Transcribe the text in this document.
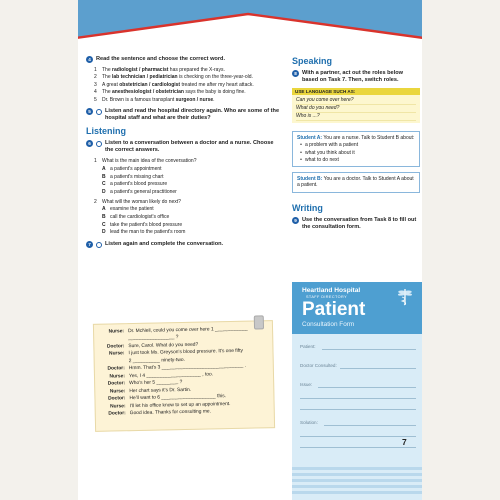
4 Read the sentence and choose the correct word.
1	The radiologist / pharmacist has prepared the X-rays.
2	The lab technician / pediatrician is checking on the three-year-old.
3	A great obstetrician / cardiologist treated me after my heart attack.
4	The anesthesiologist / obstetrician says the baby is doing fine.
5	Dr. Brown is a famous transplant surgeon / nurse.
5	Listen and read the hospital directory again. Who are some of the hospital staff and what are their duties?
Listening
6	Listen to a conversation between a doctor and a nurse. Choose the correct answers.
1	What is the main idea of the conversation?
A a patient's appointment
B a patient's missing chart
C a patient's blood pressure
D a patient's general practitioner
2	What will the woman likely do next?
A examine the patient
B call the cardiologist's office
C take the patient's blood pressure
D lead the man to the patient's room
7	Listen again and complete the conversation.
Nurse: Dr. McNeil, could you come over here 1 ____________
_________________ ?
Doctor: Sure, Carol. What do you need?
Nurse: I just took Ms. Greyson's blood pressure. It's one fifty
2 __________ ninety-two.
Doctor: Hmm. That's 3 ______________________________ .
Nurse: Yes, I 4 ____________________ , too.
Doctor: Who's her 5 ________ ?
Nurse: Her chart says it's Dr. Sartin.
Doctor: He'll want to 6 ____________________ this.
Nurse: I'll let his office know to set up an appointment.
Doctor: Good idea. Thanks for consulting me.
Speaking
8 With a partner, act out the roles below based on Task 7. Then, switch roles.
USE LANGUAGE SUCH AS:
Can you come over here?
What do you need?
Who is ...?
Student A: You are a nurse. Talk to Student B about:
• a problem with a patient
• what you think about it
• what to do next
Student B: You are a doctor. Talk to Student A about a patient.
Writing
9 Use the conversation from Task 8 to fill out the consultation form.
Heartland Hospital
STAFF DIRECTORY
Patient
Consultation Form
Patient:
Doctor Consulted:
Issue:
Solution:
7
